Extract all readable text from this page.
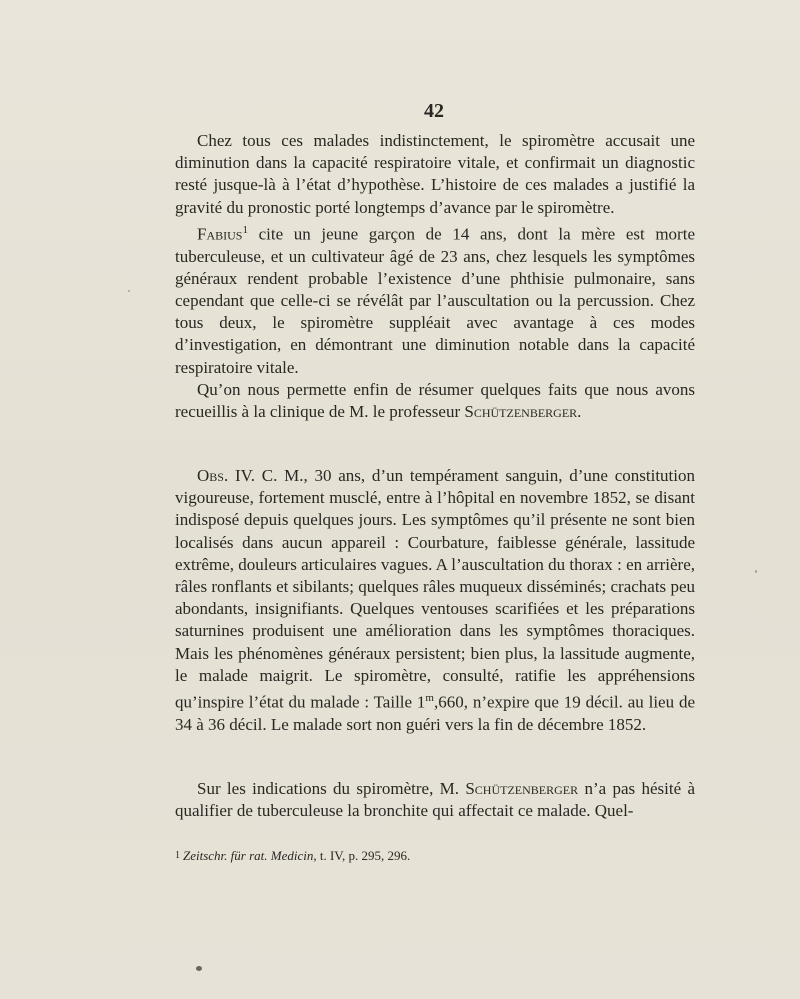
42

Chez tous ces malades indistinctement, le spiromètre accusait une diminution dans la capacité respiratoire vitale, et confirmait un diagnostic resté jusque-là à l’état d’hypothèse. L’histoire de ces malades a justifié la gravité du pronostic porté longtemps d’avance par le spiromètre.

Fabius$^1$ cite un jeune garçon de 14 ans, dont la mère est morte tuberculeuse, et un cultivateur âgé de 23 ans, chez lesquels les symptômes généraux rendent probable l’existence d’une phthisie pulmonaire, sans cependant que celle-ci se révélât par l’auscultation ou la percussion. Chez tous deux, le spiromètre suppléait avec avantage à ces modes d’investigation, en démontrant une diminution notable dans la capacité respiratoire vitale.

Qu’on nous permette enfin de résumer quelques faits que nous avons recueillis à la clinique de M. le professeur Schützenberger.

Obs. IV. C. M., 30 ans, d’un tempérament sanguin, d’une constitution vigoureuse, fortement musclé, entre à l’hôpital en novembre 1852, se disant indisposé depuis quelques jours. Les symptômes qu’il présente ne sont bien localisés dans aucun appareil : Courbature, faiblesse générale, lassitude extrême, douleurs articulaires vagues. A l’auscultation du thorax : en arrière, râles ronflants et sibilants; quelques râles muqueux disséminés; crachats peu abondants, insignifiants. Quelques ventouses scarifiées et les préparations saturnines produisent une amélioration dans les symptômes thoraciques. Mais les phénomènes généraux persistent; bien plus, la lassitude augmente, le malade maigrit. Le spiromètre, consulté, ratifie les appréhensions qu’inspire l’état du malade : Taille 1$^m$,660, n’expire que 19 décil. au lieu de 34 à 36 décil. Le malade sort non guéri vers la fin de décembre 1852.

Sur les indications du spiromètre, M. Schützenberger n’a pas hésité à qualifier de tuberculeuse la bronchite qui affectait ce malade. Quel-

1 Zeitschr. für rat. Medicin, t. IV, p. 295, 296.
